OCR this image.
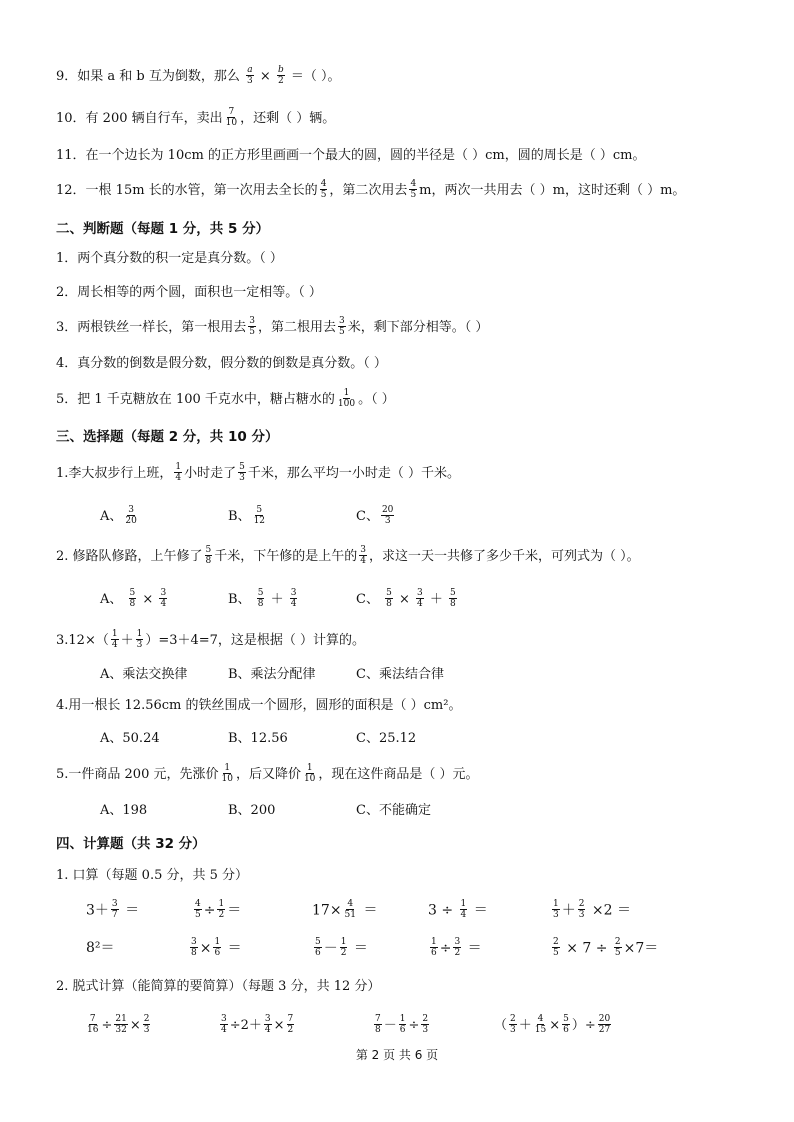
9．如果 a 和 b 互为倒数，那么 $\frac{a}{3} \times \frac{b}{2}$ ＝（ ）。
10．有 200 辆自行车，卖出 $\frac{7}{10}$ ，还剩（ ）辆。
11．在一个边长为 10cm 的正方形里画画一个最大的圆，圆的半径是（ ）cm，圆的周长是（ ）cm。
12．一根 15m 长的水管，第一次用去全长的 $\frac{4}{5}$ ，第二次用去 $\frac{4}{5}$ m，两次一共用去（ ）m，这时还剩（ ）m。
二、判断题（每题 1 分，共 5 分）
1．两个真分数的积一定是真分数。（ ）
2．周长相等的两个圆，面积也一定相等。（ ）
3．两根铁丝一样长，第一根用去 $\frac{3}{5}$ ，第二根用去 $\frac{3}{5}$ 米，剩下部分相等。（ ）
4．真分数的倒数是假分数，假分数的倒数是真分数。（ ）
5．把 1 千克糖放在 100 千克水中，糖占糖水的 $\frac{1}{100}$ 。（ ）
三、选择题（每题 2 分，共 10 分）
1.李大叔步行上班， $\frac{1}{4}$ 小时走了 $\frac{5}{3}$ 千米，那么平均一小时走（ ）千米。
A、 $\frac{3}{20}$	B、 $\frac{5}{12}$	C、 $\frac{20}{3}$
2. 修路队修路，上午修了 $\frac{5}{8}$ 千米，下午修的是上午的 $\frac{3}{4}$ ，求这一天一共修了多少千米，可列式为（ ）。
A、 $\frac{5}{8} \times \frac{3}{4}$	B、 $\frac{5}{8} + \frac{3}{4}$	C、 $\frac{5}{8} \times \frac{3}{4} + \frac{5}{8}$
$3.12\times( \frac{1}{4} + \frac{1}{3} )=3+4=7$，这是根据（ ）计算的。
A、乘法交换律	B、乘法分配律	C、乘法结合律
4.用一根长 12.56cm 的铁丝围成一个圆形，圆形的面积是（ ）cm²。
A、50.24	B、12.56	C、25.12
5.一件商品 200 元，先涨价 $\frac{1}{10}$ ，后又降价 $\frac{1}{10}$ ，现在这件商品是（ ）元。
A、198	B、200	C、不能确定
四、计算题（共 32 分）
1. 口算（每题 0.5 分，共 5 分）
$3+ \frac{3}{7}$ ＝	$\frac{4}{5} \div \frac{1}{2}$ ＝	$17\times \frac{4}{51}$ ＝	$3 \div \frac{1}{4}$ ＝	$\frac{1}{3} + \frac{2}{3} \times 2$ ＝
8²＝	$\frac{3}{8} \times \frac{1}{6}$ ＝	$\frac{5}{6} - \frac{1}{2}$ ＝	$\frac{1}{6} \div \frac{3}{2}$ ＝	$\frac{2}{5} \times 7 \div \frac{2}{5} \times 7=$
2. 脱式计算（能简算的要简算）（每题 3 分，共 12 分）
$\frac{7}{16} \div \frac{21}{32} \times \frac{2}{3}$	$\frac{3}{4} \div 2+ \frac{3}{4} \times \frac{7}{2}$	$\frac{7}{8} - \frac{1}{6} \div \frac{2}{3}$	（ $\frac{2}{3} + \frac{4}{15} \times \frac{5}{6}$ ）÷ $\frac{20}{27}$
第 2 页 共 6 页
